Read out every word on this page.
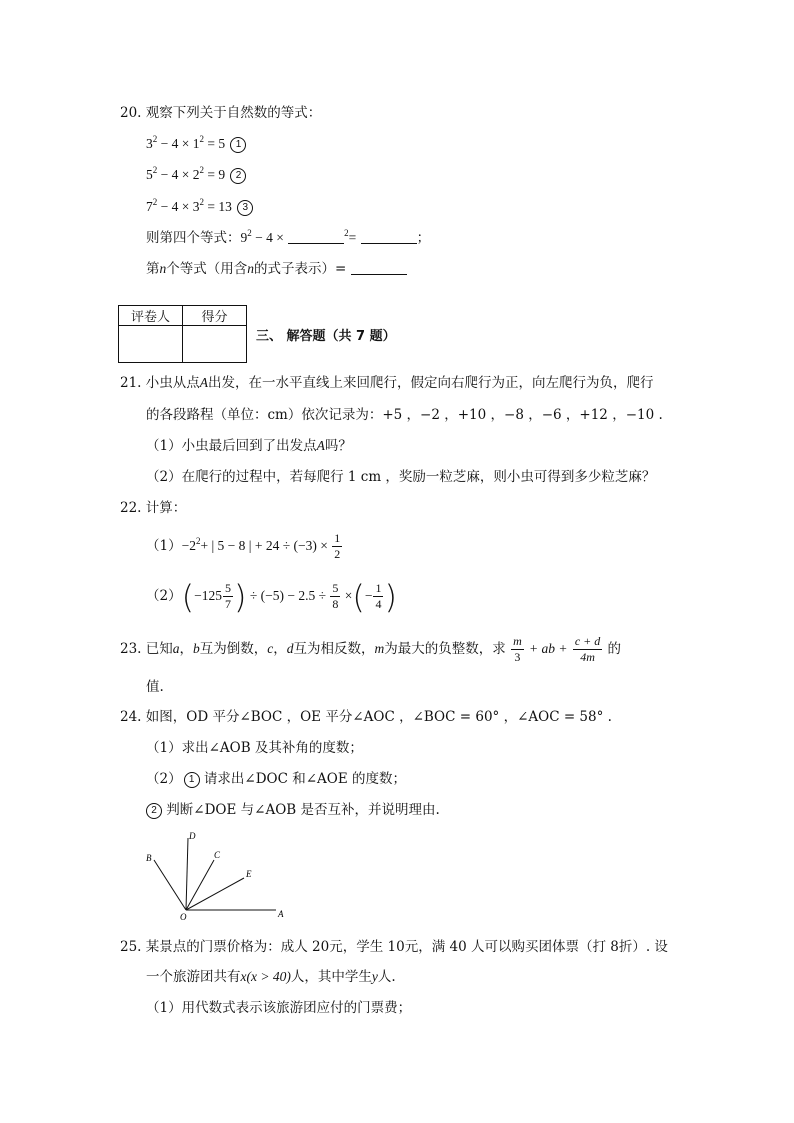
20. 观察下列关于自然数的等式：
$3^2 - 4 \times 1^2 = 5$ 1
$5^2 - 4 \times 2^2 = 9$ 2
$7^2 - 4 \times 3^2 = 13$ 3
则第四个等式：$9^2 - 4$ ×	$^2$=	；
第n个等式（用含n的式子表示）=
评卷人	得分

三、 解答题（共 7 题）
21. 小虫从点A出发，在一水平直线上来回爬行，假定向右爬行为正，向左爬行为负，爬行
的各段路程（单位：cm）依次记录为：+5 ，−2 ，+10 ，−8 ，−6 ，+12 ，−10 .
（1）小虫最后回到了出发点A吗？
（2）在爬行的过程中，若每爬行 1 cm ，奖励一粒芝麻，则小虫可得到多少粒芝麻？
22. 计算：
$(1)-2^2+$ | 5 − 8 | + $24 \div (-3) \times \frac{1}{2}$
$(2)(-125 \frac{5}{7}$ ) ÷ $(-5) - 2.5 \div \frac{5}{8}$ ×(− $\frac{1}{4}$ )
23. 已知a，b互为倒数，c，d互为相反数，m为最大的负整数，求 $\frac{m}{3}$ + ab + $\frac{c + d}{4m}$ 的
值.
24. 如图，OD 平分∠BOC ，OE 平分∠AOC ，∠BOC = 60° ，∠AOC = 58° .
（1）求出∠AOB 及其补角的度数；
（2） 1 请求出∠DOC 和∠AOE 的度数；
2 判断∠DOE 与∠AOB 是否互补，并说明理由.
D
C
B
E
O	A
25. 某景点的门票价格为：成人 20元，学生 10元，满 40 人可以购买团体票（打 8折）. 设
一个旅游团共有x(x > 40)人，其中学生y人.
（1）用代数式表示该旅游团应付的门票费；
